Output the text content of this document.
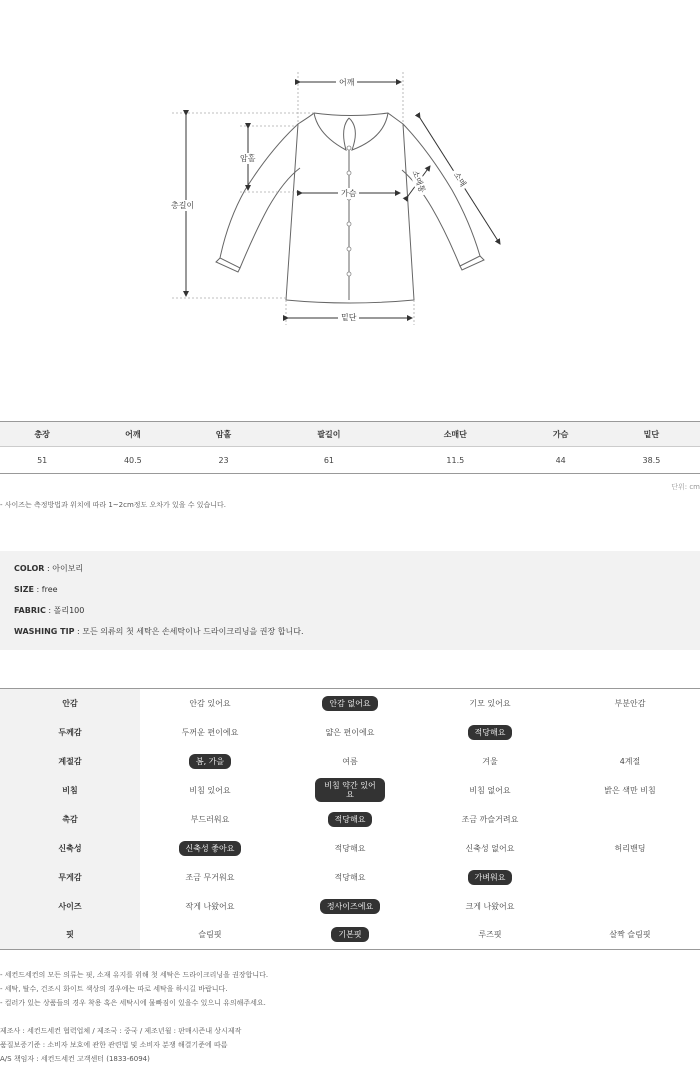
어깨
암홀
총길이
가슴
소매
소매통
밑단
총장	어깨	암홀	팔길이	소매단	가슴	밑단
51	40.5	23	61	11.5	44	38.5
단위: cm
- 사이즈는 측정방법과 위치에 따라 1~2cm정도 오차가 있을 수 있습니다.
COLOR : 아이보리
SIZE : free
FABRIC : 폴리100
WASHING TIP : 모든 의류의 첫 세탁은 손세탁이나 드라이크리닝을 권장 합니다.
안감	안감 있어요	안감 없어요	기모 있어요	부분안감
두께감	두꺼운 편이에요	얇은 편이에요	적당해요	
계절감	봄, 가을	여름	겨울	4계절
비침	비침 있어요	비침 약간 있어요	비침 없어요	밝은 색만 비침
촉감	부드러워요	적당해요	조금 까슬거려요	
신축성	신축성 좋아요	적당해요	신축성 없어요	허리밴딩
무게감	조금 무거워요	적당해요	가벼워요	
사이즈	작게 나왔어요	정사이즈에요	크게 나왔어요	
핏	슬림핏	기본핏	루즈핏	살짝 슬림핏
- 세컨드세컨의 모든 의류는 핏, 소재 유지를 위해 첫 세탁은 드라이크리닝을 권장합니다.
- 세탁, 탈수, 건조시 화이트 색상의 경우에는 따로 세탁을 하시길 바랍니다.
- 컬러가 있는 상품들의 경우 착용 혹은 세탁시에 물빠짐이 있을수 있으니 유의해주세요.
제조사 : 세컨드세컨 협력업체 / 제조국 : 중국 / 제조년월 : 판매시즌내 상시제작
품질보증기준 : 소비자 보호에 관한 관련법 및 소비자 분쟁 해결기준에 따름
A/S 책임자 : 세컨드세컨 고객센터 (1833-6094)
